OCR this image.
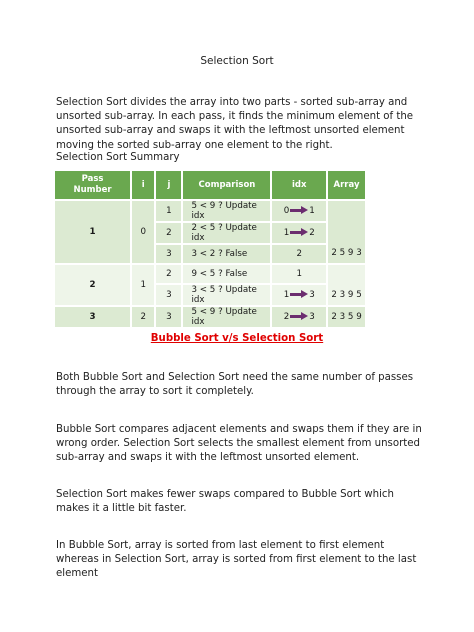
Selection Sort

Selection Sort divides the array into two parts - sorted sub-array and unsorted sub-array. In each pass, it finds the minimum element of the unsorted sub-array and swaps it with the leftmost unsorted element moving the sorted sub-array one element to the right.

Selection Sort Summary
Pass Number	i	j	Comparison	idx	Array
1	0	1	5 < 9 ? Update idx	0 1	2 5 9 3
		2	2 < 5 ? Update idx	1 2	
		3	3 < 2 ? False	2	
2	1	2	9 < 5 ? False	1	2 3 9 5
		3	3 < 5 ? Update idx	1 3	
3	2	3	5 < 9 ? Update idx	2 3	2 3 5 9
Bubble Sort v/s Selection Sort

Both Bubble Sort and Selection Sort need the same number of passes through the array to sort it completely.

Bubble Sort compares adjacent elements and swaps them if they are in wrong order. Selection Sort selects the smallest element from unsorted sub-array and swaps it with the leftmost unsorted element.

Selection Sort makes fewer swaps compared to Bubble Sort which makes it a little bit faster.

In Bubble Sort, array is sorted from last element to first element whereas in Selection Sort, array is sorted from first element to the last element
